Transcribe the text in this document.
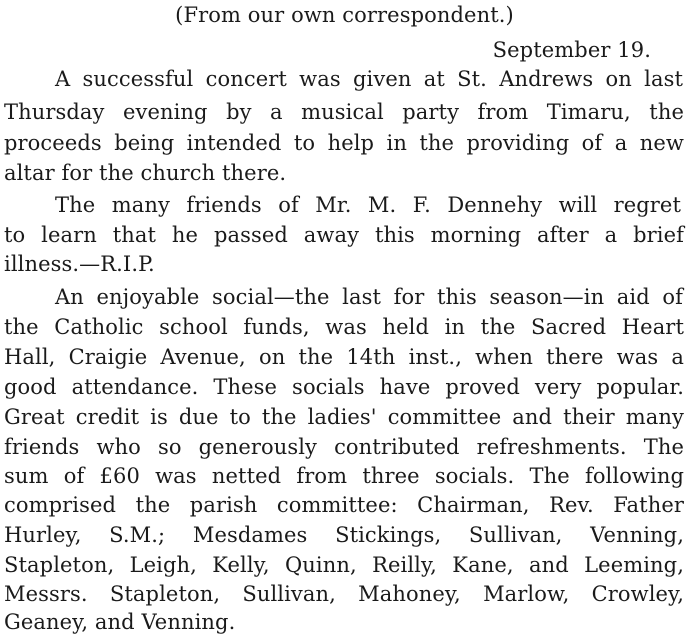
(From our own correspondent.)
September 19.
A successful concert was given at St. Andrews on last
Thursday evening by a musical party from Timaru, the
proceeds being intended to help in the providing of a new
altar for the church there.
The many friends of Mr. M. F. Dennehy will regret
to learn that he passed away this morning after a brief
illness.—R.I.P.
An enjoyable social—the last for this season—in aid of
the Catholic school funds, was held in the Sacred Heart
Hall, Craigie Avenue, on the 14th inst., when there was a
good attendance. These socials have proved very popular.
Great credit is due to the ladies' committee and their many
friends who so generously contributed refreshments. The
sum of £60 was netted from three socials. The following
comprised the parish committee: Chairman, Rev. Father
Hurley, S.M.; Mesdames Stickings, Sullivan, Venning,
Stapleton, Leigh, Kelly, Quinn, Reilly, Kane, and Leeming,
Messrs. Stapleton, Sullivan, Mahoney, Marlow, Crowley,
Geaney, and Venning.
